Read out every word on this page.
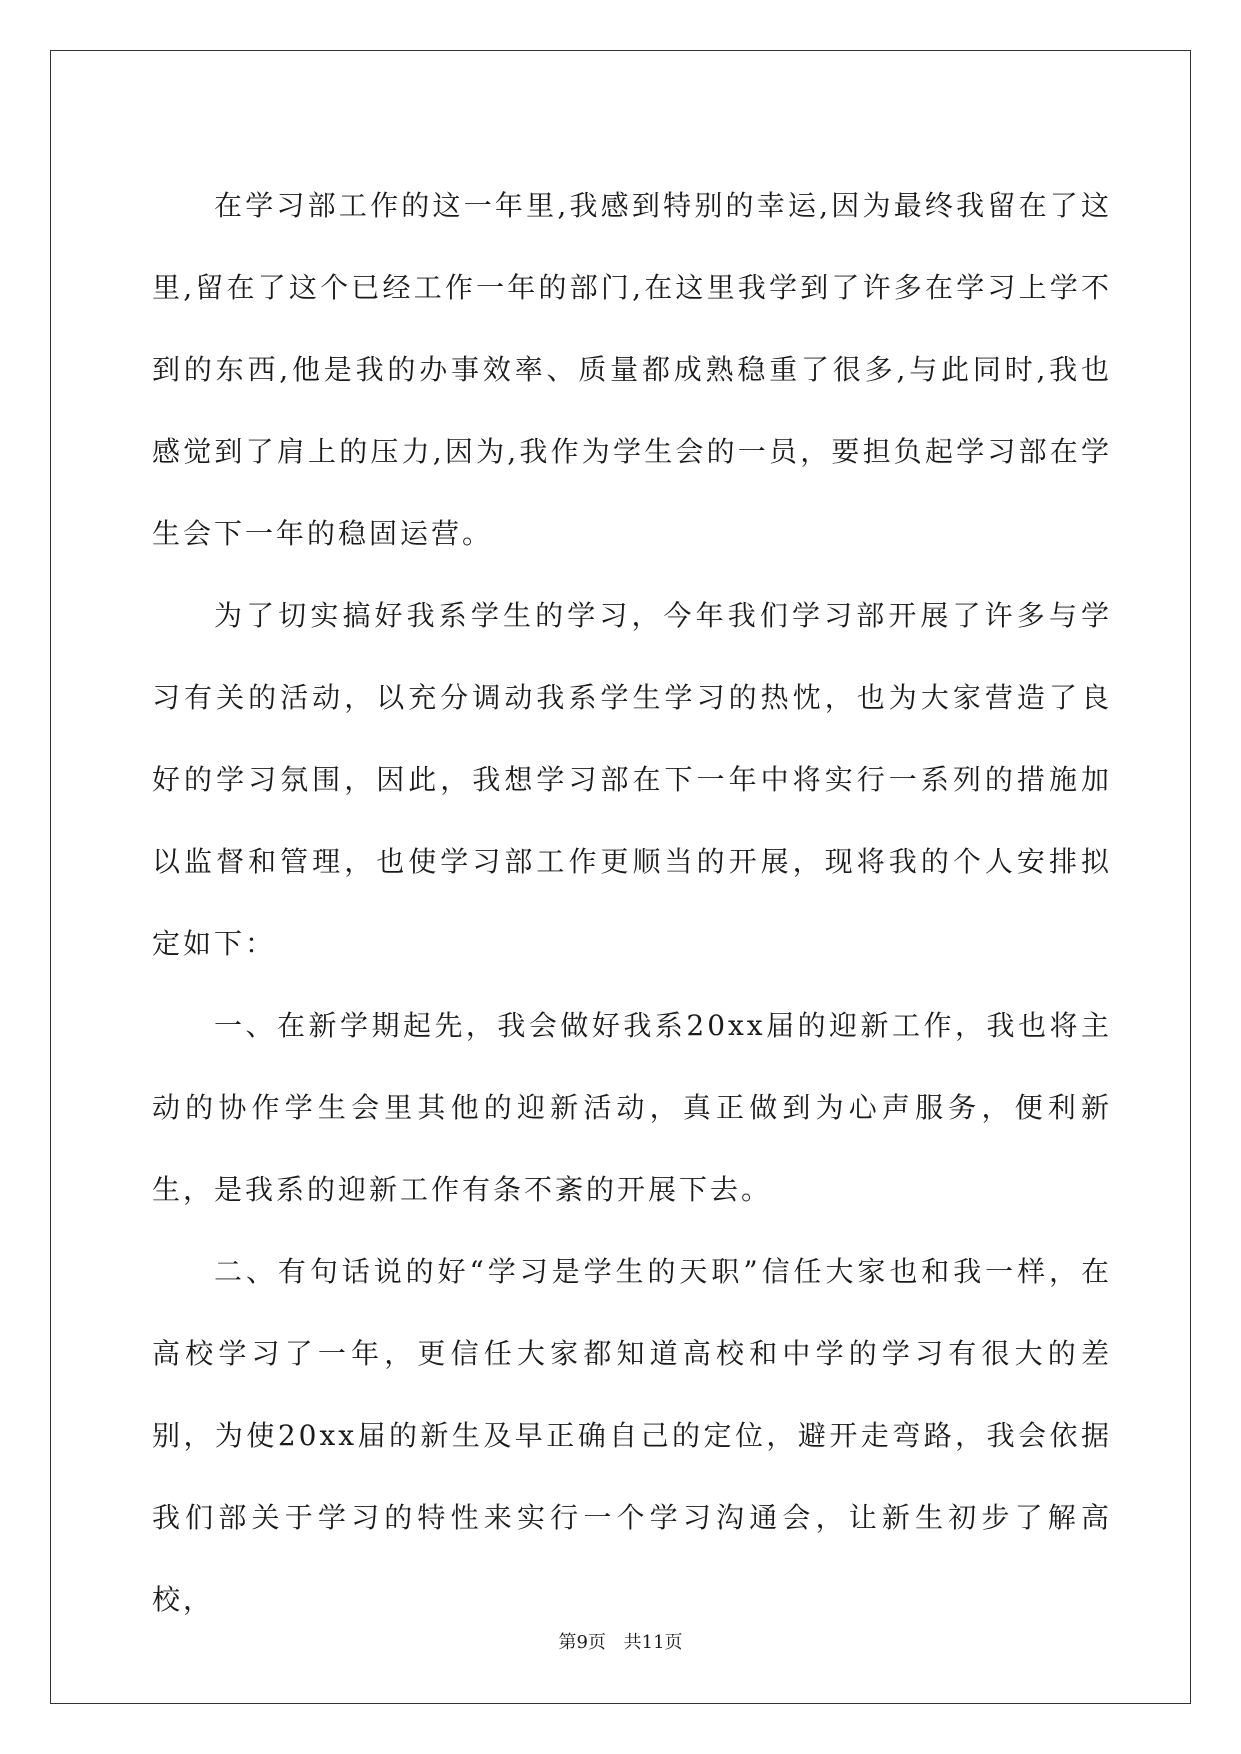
在学习部工作的这一年里,我感到特别的幸运,因为最终我留在了这里,留在了这个已经工作一年的部门,在这里我学到了许多在学习上学不到的东西,他是我的办事效率、质量都成熟稳重了很多,与此同时,我也感觉到了肩上的压力,因为,我作为学生会的一员，要担负起学习部在学生会下一年的稳固运营。

为了切实搞好我系学生的学习，今年我们学习部开展了许多与学习有关的活动，以充分调动我系学生学习的热忱，也为大家营造了良好的学习氛围，因此，我想学习部在下一年中将实行一系列的措施加以监督和管理，也使学习部工作更顺当的开展，现将我的个人安排拟定如下：

一、在新学期起先，我会做好我系20xx届的迎新工作，我也将主动的协作学生会里其他的迎新活动，真正做到为心声服务，便利新生，是我系的迎新工作有条不紊的开展下去。

二、有句话说的好“学习是学生的天职”信任大家也和我一样，在高校学习了一年，更信任大家都知道高校和中学的学习有很大的差别，为使20xx届的新生及早正确自己的定位，避开走弯路，我会依据我们部关于学习的特性来实行一个学习沟通会，让新生初步了解高校，

第9页 共11页
